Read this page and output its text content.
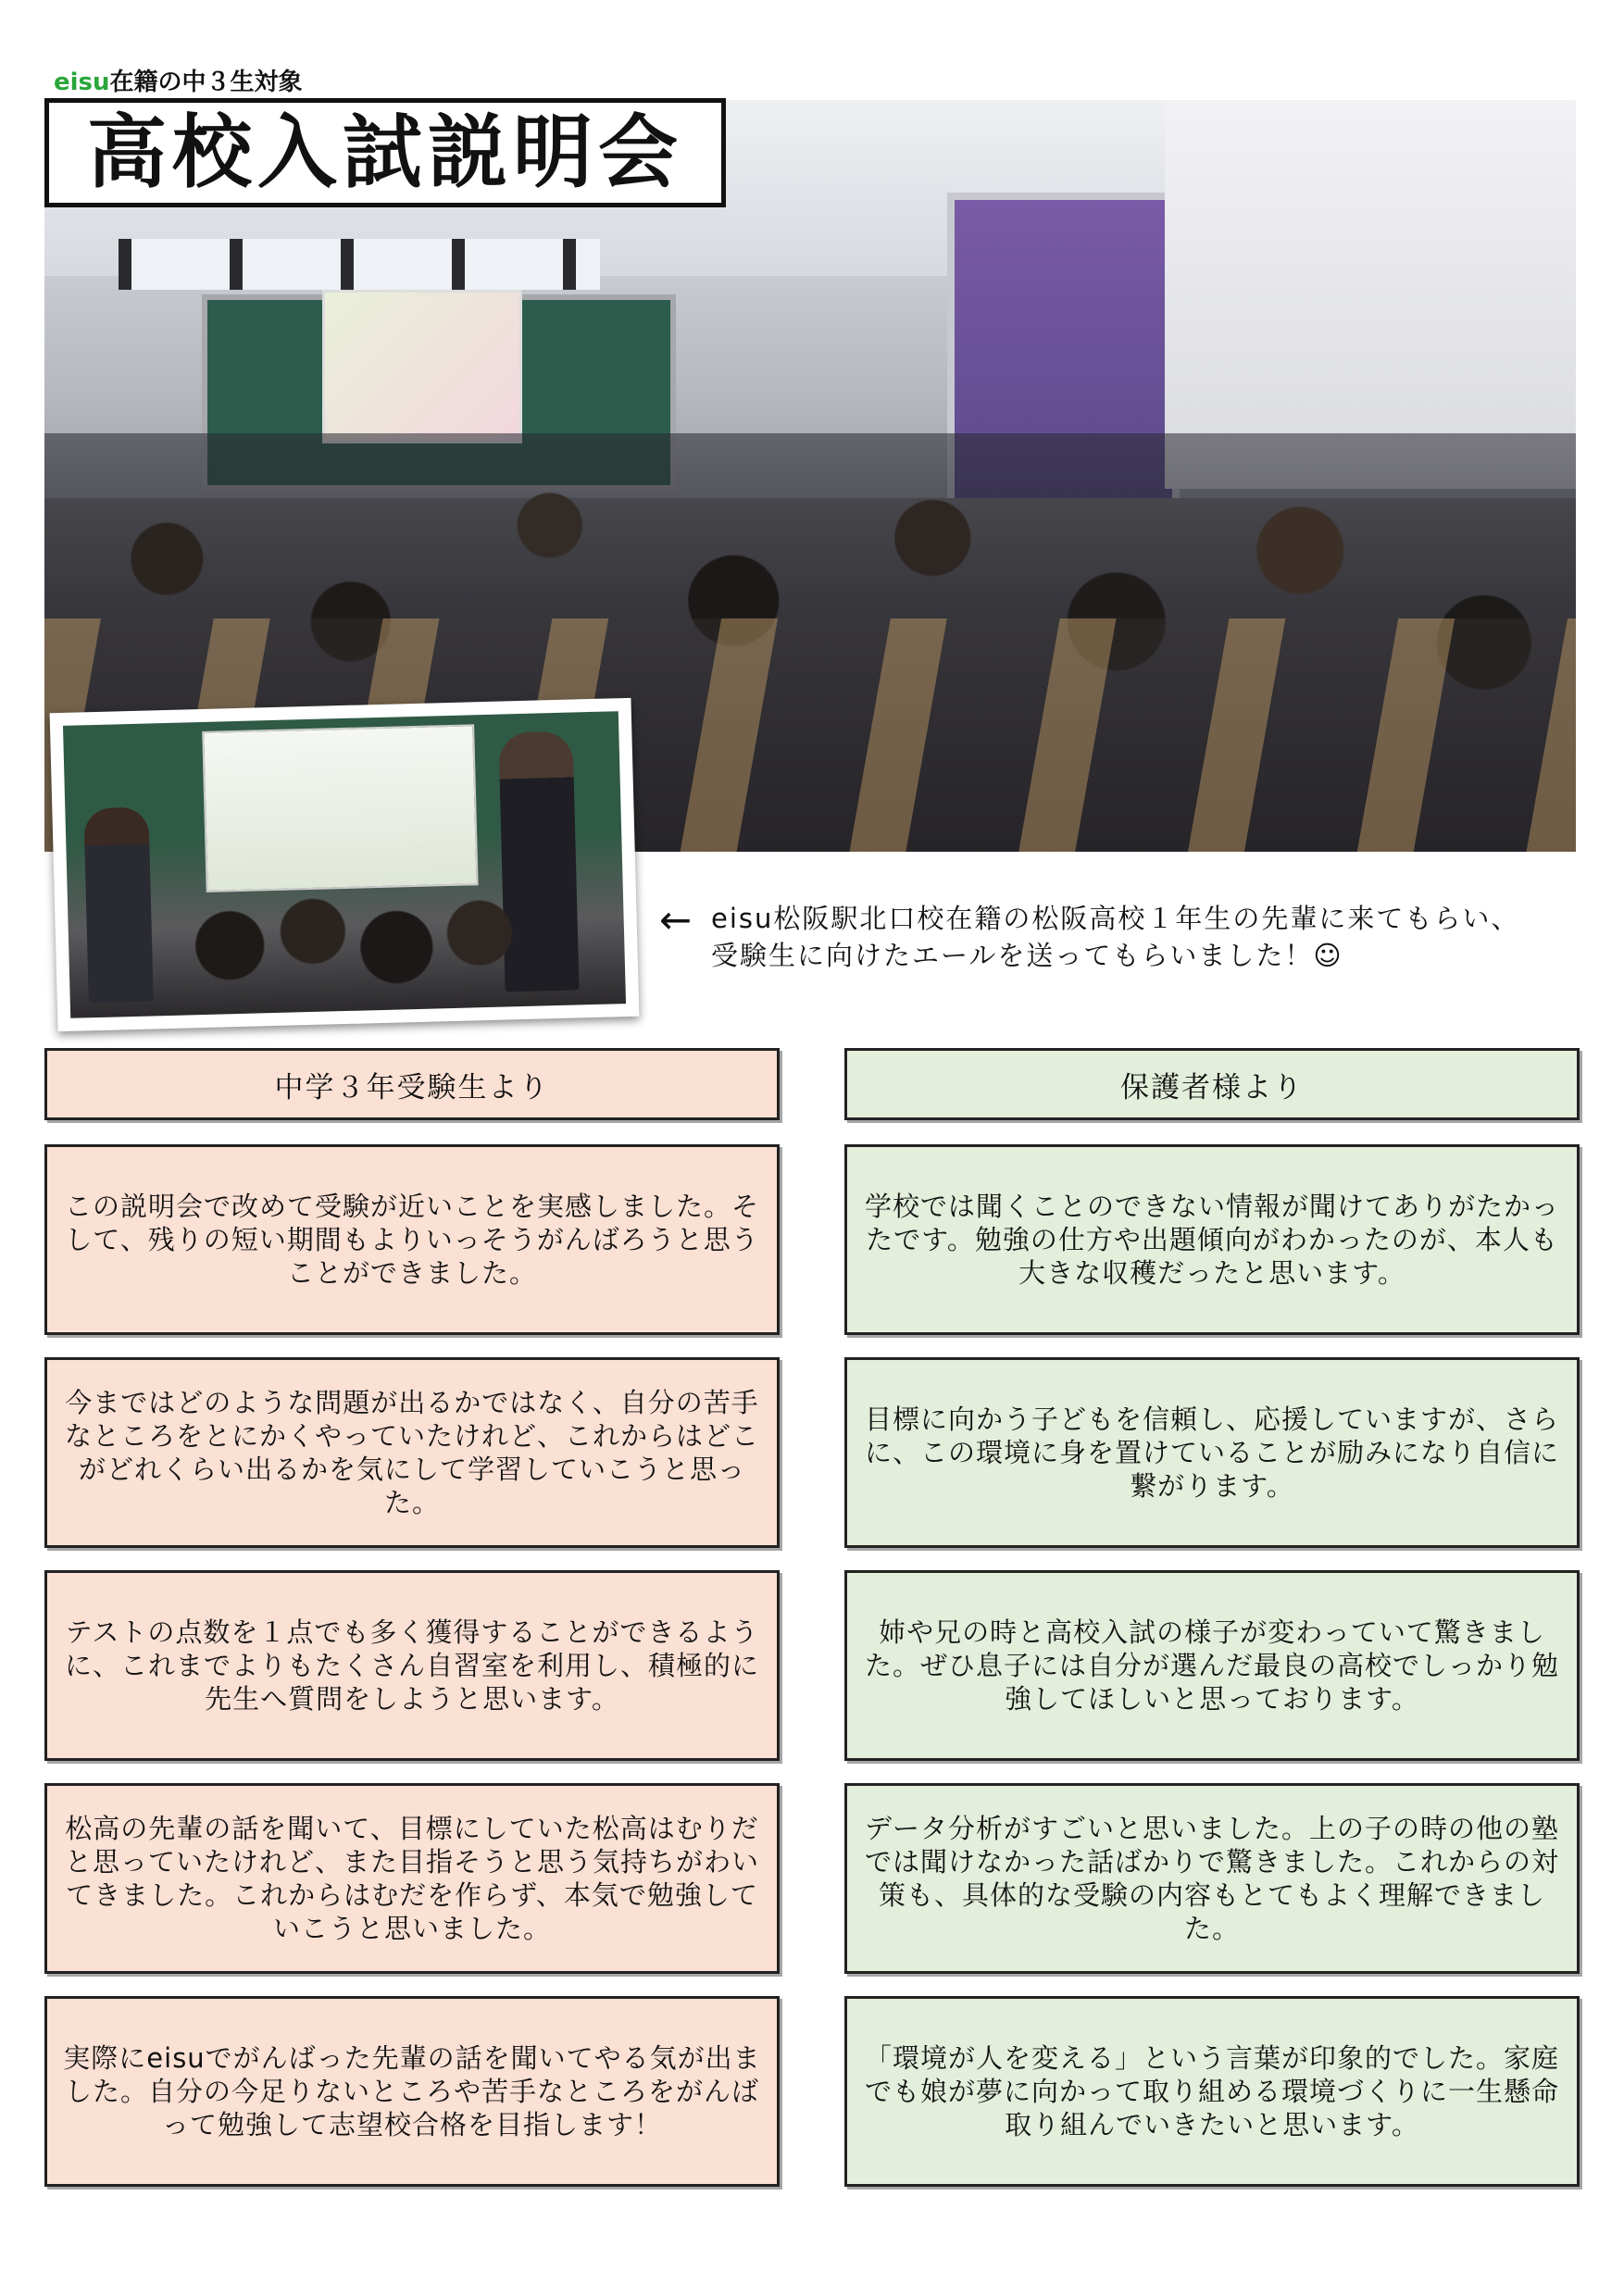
eisu在籍の中３生対象
高校入試説明会
← eisu松阪駅北口校在籍の松阪高校１年生の先輩に来てもらい、受験生に向けたエールを送ってもらいました！☺
中学３年受験生より	保護者様より

この説明会で改めて受験が近いことを実感しました。そして、残りの短い期間もよりいっそうがんばろうと思うことができました。

学校では聞くことのできない情報が聞けてありがたかったです。勉強の仕方や出題傾向がわかったのが、本人も大きな収穫だったと思います。

今まではどのような問題が出るかではなく、自分の苦手なところをとにかくやっていたけれど、これからはどこがどれくらい出るかを気にして学習していこうと思った。

目標に向かう子どもを信頼し、応援していますが、さらに、この環境に身を置けていることが励みになり自信に繋がります。

テストの点数を１点でも多く獲得することができるように、これまでよりもたくさん自習室を利用し、積極的に先生へ質問をしようと思います。

姉や兄の時と高校入試の様子が変わっていて驚きました。ぜひ息子には自分が選んだ最良の高校でしっかり勉強してほしいと思っております。

松高の先輩の話を聞いて、目標にしていた松高はむりだと思っていたけれど、また目指そうと思う気持ちがわいてきました。これからはむだを作らず、本気で勉強していこうと思いました。

データ分析がすごいと思いました。上の子の時の他の塾では聞けなかった話ばかりで驚きました。これからの対策も、具体的な受験の内容もとてもよく理解できました。

実際にeisuでがんばった先輩の話を聞いてやる気が出ました。自分の今足りないところや苦手なところをがんばって勉強して志望校合格を目指します！

「環境が人を変える」という言葉が印象的でした。家庭でも娘が夢に向かって取り組める環境づくりに一生懸命取り組んでいきたいと思います。
